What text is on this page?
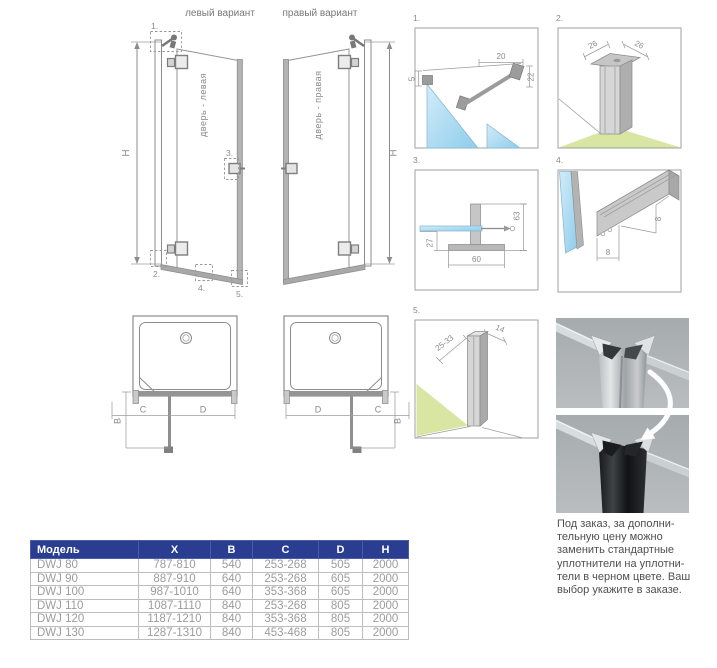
левый вариант
H
дверь - левая
1.
2.
3.
4.
5.
правый вариант
H
дверь - правая
1.
20
5	22
2.
26	26
3.
63
27
60
4.
8
8
5.
25-33
14
C	D
B
D	C
B
Под заказ, за дополни-
тельную цену можно
заменить стандартные
уплотнители на уплотни-
тели в черном цвете. Ваш
выбор укажите в заказе.
Модель	X	B	C	D	H
DWJ 80	787-810	540	253-268	505	2000
DWJ 90	887-910	640	253-268	605	2000
DWJ 100	987-1010	640	353-368	605	2000
DWJ 110	1087-1110	840	253-268	805	2000
DWJ 120	1187-1210	840	353-368	805	2000
DWJ 130	1287-1310	840	453-468	805	2000
